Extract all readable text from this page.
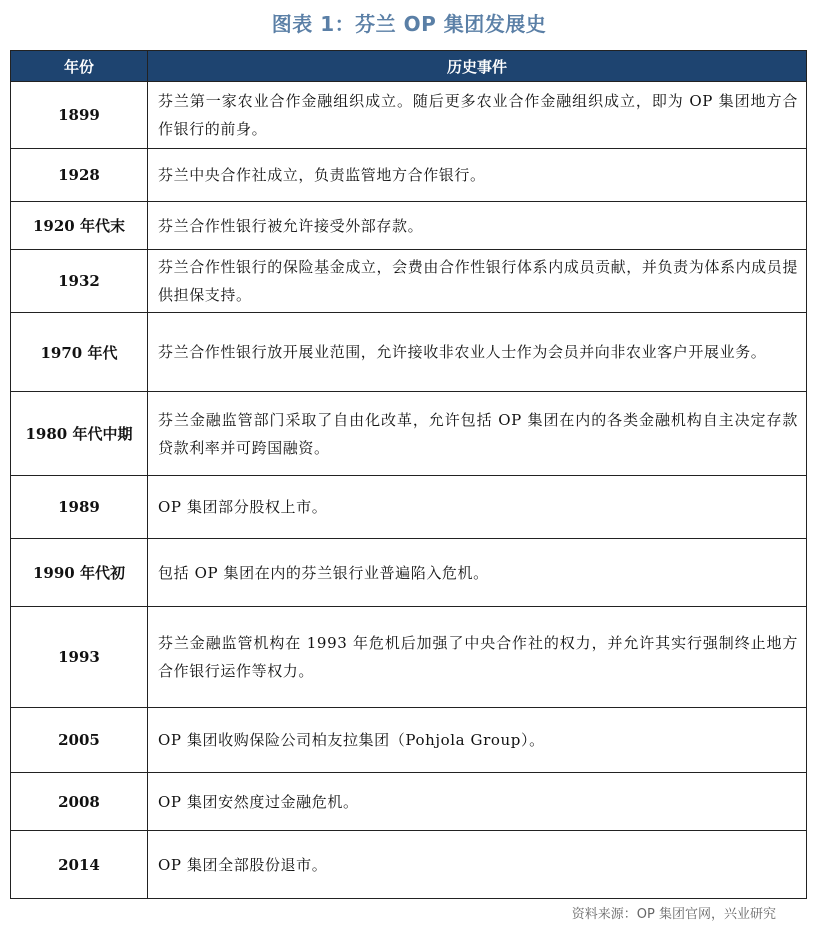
图表 1：芬兰 OP 集团发展史
年份	历史事件
1899	芬兰第一家农业合作金融组织成立。随后更多农业合作金融组织成立，即为 OP 集团地方合作银行的前身。
1928	芬兰中央合作社成立，负责监管地方合作银行。
1920 年代末	芬兰合作性银行被允许接受外部存款。
1932	芬兰合作性银行的保险基金成立，会费由合作性银行体系内成员贡献，并负责为体系内成员提供担保支持。
1970 年代	芬兰合作性银行放开展业范围，允许接收非农业人士作为会员并向非农业客户开展业务。
1980 年代中期	芬兰金融监管部门采取了自由化改革，允许包括 OP 集团在内的各类金融机构自主决定存款贷款利率并可跨国融资。
1989	OP 集团部分股权上市。
1990 年代初	包括 OP 集团在内的芬兰银行业普遍陷入危机。
1993	芬兰金融监管机构在 1993 年危机后加强了中央合作社的权力，并允许其实行强制终止地方合作银行运作等权力。
2005	OP 集团收购保险公司柏友拉集团（Pohjola Group）。
2008	OP 集团安然度过金融危机。
2014	OP 集团全部股份退市。
资料来源：OP 集团官网，兴业研究
